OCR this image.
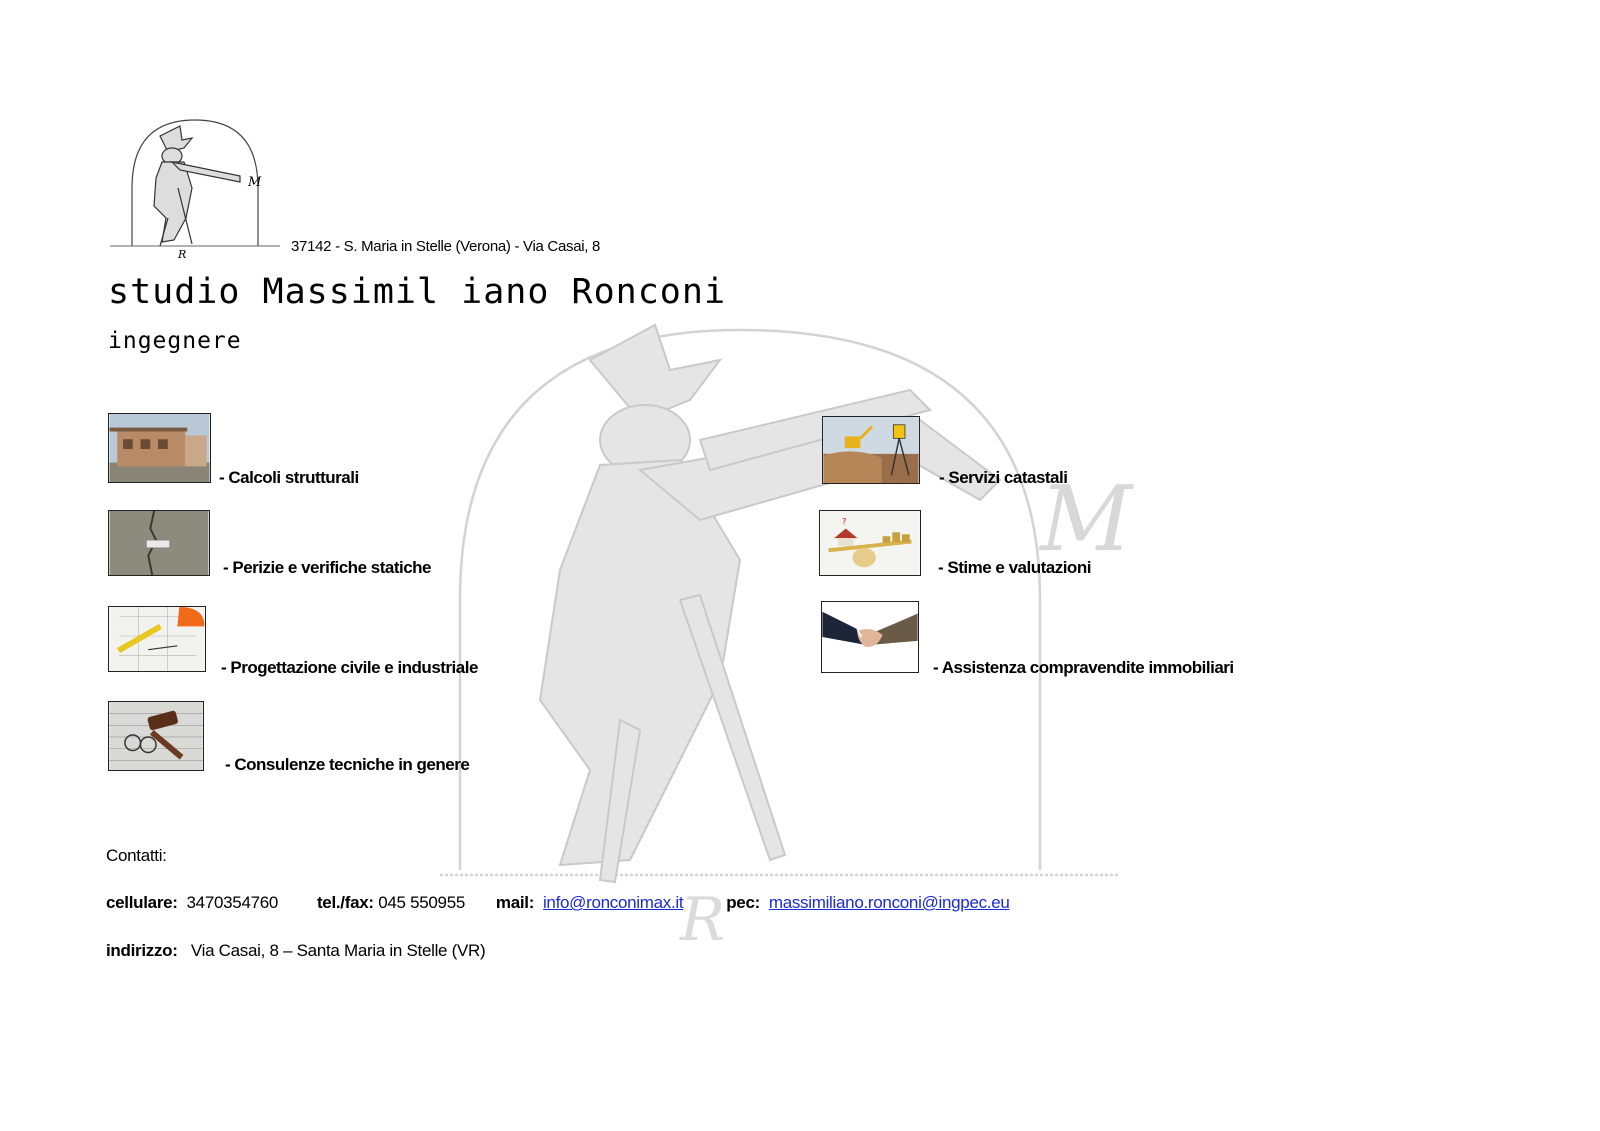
M
R
M
R	37142 - S. Maria in Stelle (Verona) - Via Casai, 8
studio Massimil iano Ronconi
ingegnere
- Calcoli strutturali
- Perizie e verifiche statiche
- Progettazione civile e industriale
- Consulenze tecniche in genere
- Servizi catastali
?
- Stime e valutazioni
- Assistenza compravendite immobiliari
Contatti:
cellulare: 3470354760 tel./fax: 045 550955 mail: info@ronconimax.it	pec: massimiliano.ronconi@ingpec.eu
indirizzo: Via Casai, 8 – Santa Maria in Stelle (VR)
